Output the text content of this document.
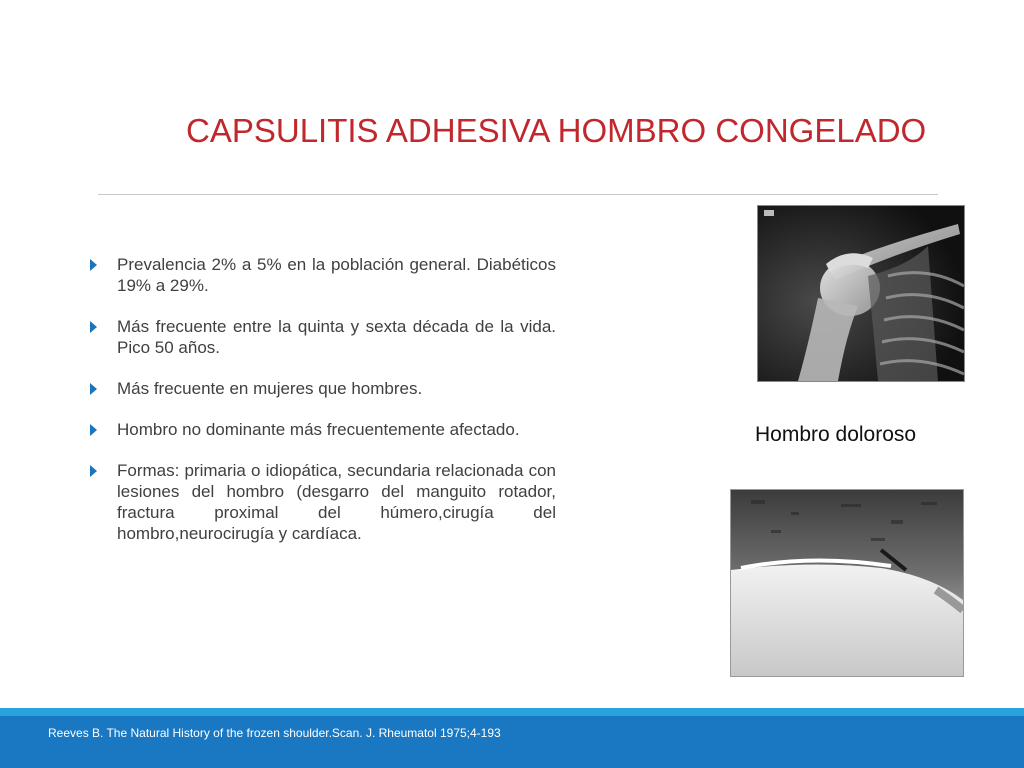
CAPSULITIS ADHESIVA HOMBRO CONGELADO
Prevalencia 2% a 5% en la población general. Diabéticos 19% a 29%.
Más frecuente entre la quinta y sexta década de la vida. Pico 50 años.
Más frecuente en mujeres que hombres.
Hombro no dominante más frecuentemente afectado.
Formas: primaria o idiopática, secundaria relacionada con lesiones del hombro (desgarro del manguito rotador, fractura proximal del húmero,cirugía del hombro,neurocirugía y cardíaca.
Hombro doloroso
Reeves B. The Natural History of the frozen shoulder.Scan. J. Rheumatol 1975;4-193
